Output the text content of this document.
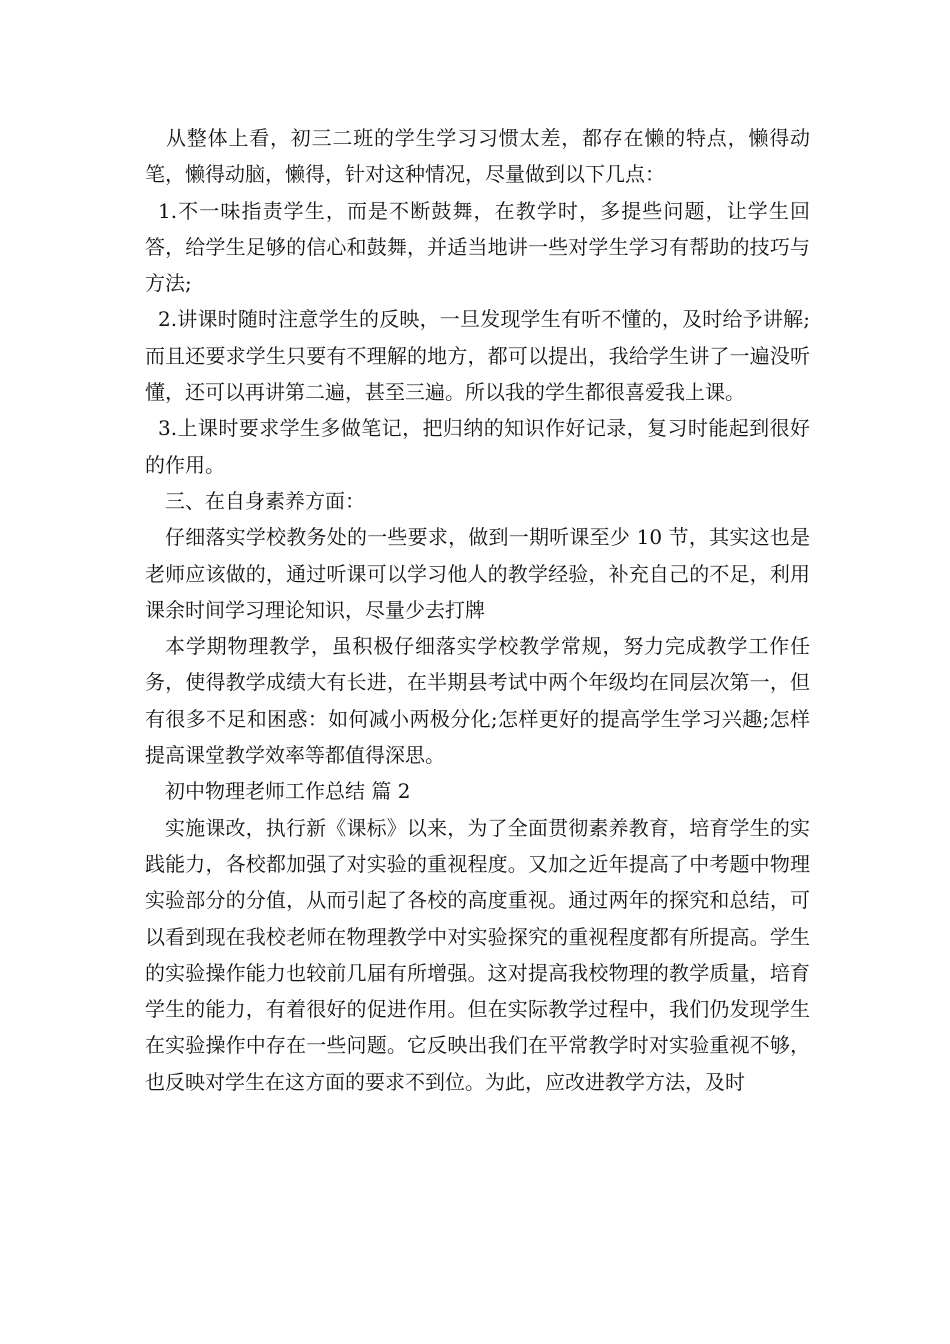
从整体上看，初三二班的学生学习习惯太差，都存在懒的特点，懒得动笔，懒得动脑，懒得，针对这种情况，尽量做到以下几点：

1.不一味指责学生，而是不断鼓舞，在教学时，多提些问题，让学生回答，给学生足够的信心和鼓舞，并适当地讲一些对学生学习有帮助的技巧与方法;

2.讲课时随时注意学生的反映，一旦发现学生有听不懂的，及时给予讲解;而且还要求学生只要有不理解的地方，都可以提出，我给学生讲了一遍没听懂，还可以再讲第二遍，甚至三遍。所以我的学生都很喜爱我上课。

3.上课时要求学生多做笔记，把归纳的知识作好记录，复习时能起到很好的作用。

三、在自身素养方面：

仔细落实学校教务处的一些要求，做到一期听课至少 10 节，其实这也是老师应该做的，通过听课可以学习他人的教学经验，补充自己的不足，利用课余时间学习理论知识，尽量少去打牌

本学期物理教学，虽积极仔细落实学校教学常规，努力完成教学工作任务，使得教学成绩大有长进，在半期县考试中两个年级均在同层次第一，但有很多不足和困惑：如何减小两极分化;怎样更好的提高学生学习兴趣;怎样提高课堂教学效率等都值得深思。

初中物理老师工作总结 篇 2

实施课改，执行新《课标》以来，为了全面贯彻素养教育，培育学生的实践能力，各校都加强了对实验的重视程度。又加之近年提高了中考题中物理实验部分的分值，从而引起了各校的高度重视。通过两年的探究和总结，可以看到现在我校老师在物理教学中对实验探究的重视程度都有所提高。学生的实验操作能力也较前几届有所增强。这对提高我校物理的教学质量，培育学生的能力，有着很好的促进作用。但在实际教学过程中，我们仍发现学生在实验操作中存在一些问题。它反映出我们在平常教学时对实验重视不够，也反映对学生在这方面的要求不到位。为此，应改进教学方法，及时
